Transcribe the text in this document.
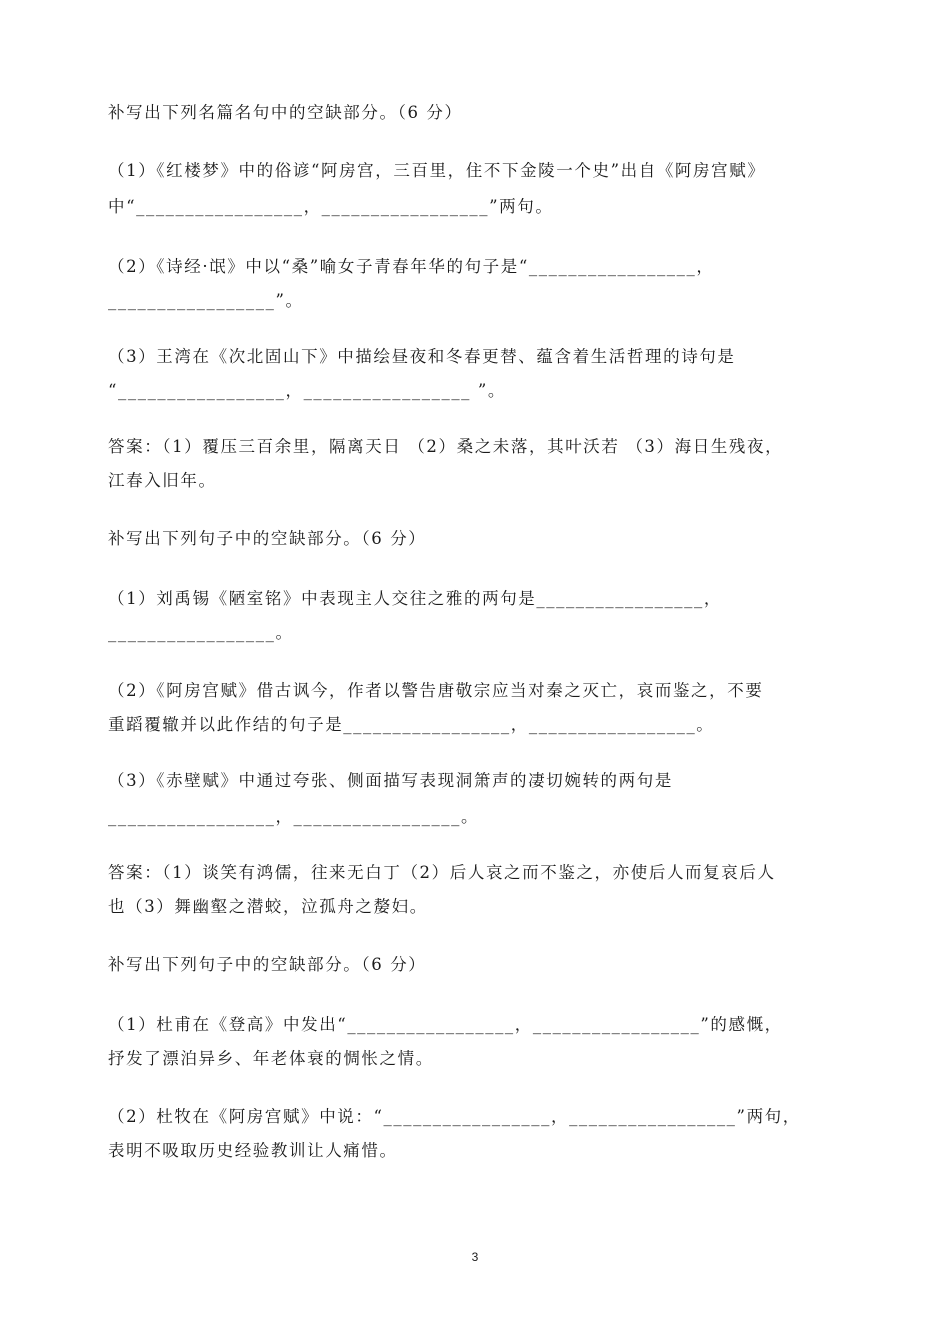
补写出下列名篇名句中的空缺部分。（6 分）
（1）《红楼梦》中的俗谚“阿房宫，三百里，住不下金陵一个史”出自《阿房宫赋》
中“_________________，_________________”两句。
（2）《诗经·氓》中以“桑”喻女子青春年华的句子是“_________________，
_________________”。
（3）王湾在《次北固山下》中描绘昼夜和冬春更替、蕴含着生活哲理的诗句是
“_________________，_________________ ”。
答案：（1）覆压三百余里，隔离天日 （2）桑之未落，其叶沃若 （3）海日生残夜，
江春入旧年。
补写出下列句子中的空缺部分。（6 分）
（1）刘禹锡《陋室铭》中表现主人交往之雅的两句是_________________，
_________________。
（2）《阿房宫赋》借古讽今，作者以警告唐敬宗应当对秦之灭亡，哀而鉴之，不要
重蹈覆辙并以此作结的句子是_________________，_________________。
（3）《赤壁赋》中通过夸张、侧面描写表现洞箫声的凄切婉转的两句是
_________________，_________________。
答案：（1）谈笑有鸿儒，往来无白丁（2）后人哀之而不鉴之，亦使后人而复哀后人
也（3）舞幽壑之潜蛟，泣孤舟之嫠妇。
补写出下列句子中的空缺部分。（6 分）
（1）杜甫在《登高》中发出“_________________，_________________”的感慨，
抒发了漂泊异乡、年老体衰的惆怅之情。
（2）杜牧在《阿房宫赋》中说：“_________________，_________________”两句，
表明不吸取历史经验教训让人痛惜。
3
